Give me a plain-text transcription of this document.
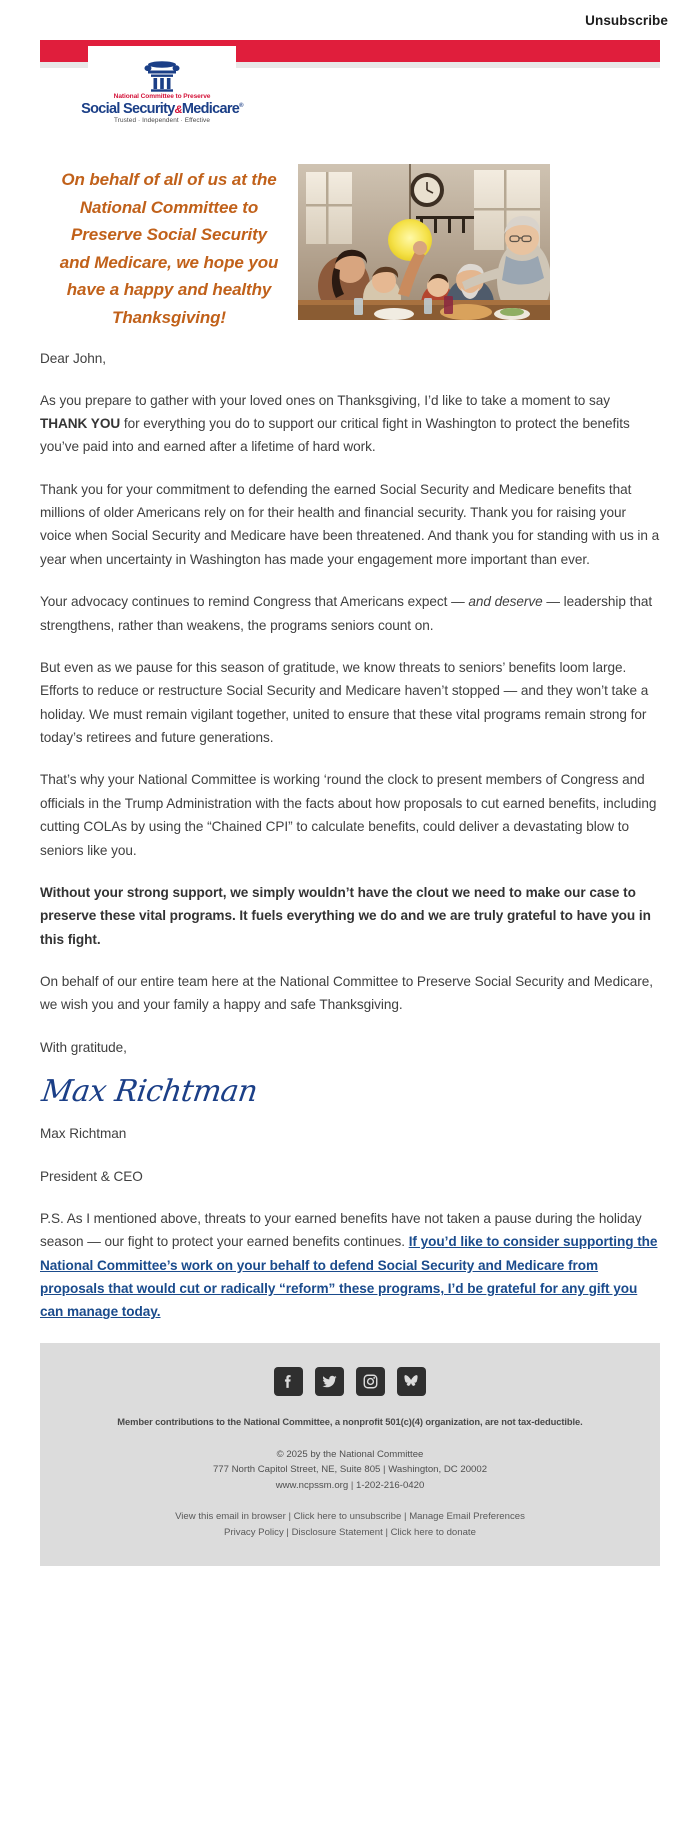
Unsubscribe
National Committee to Preserve
Social Security&Medicare®
Trusted · Independent · Effective
On behalf of all of us at the National Committee to Preserve Social Security and Medicare, we hope you have a happy and healthy Thanksgiving!

Dear John,

As you prepare to gather with your loved ones on Thanksgiving, I’d like to take a moment to say THANK YOU for everything you do to support our critical fight in Washington to protect the benefits you’ve paid into and earned after a lifetime of hard work.

Thank you for your commitment to defending the earned Social Security and Medicare benefits that millions of older Americans rely on for their health and financial security. Thank you for raising your voice when Social Security and Medicare have been threatened. And thank you for standing with us in a year when uncertainty in Washington has made your engagement more important than ever.

Your advocacy continues to remind Congress that Americans expect — and deserve — leadership that strengthens, rather than weakens, the programs seniors count on.

But even as we pause for this season of gratitude, we know threats to seniors’ benefits loom large. Efforts to reduce or restructure Social Security and Medicare haven’t stopped — and they won’t take a holiday. We must remain vigilant together, united to ensure that these vital programs remain strong for today’s retirees and future generations.

That’s why your National Committee is working ‘round the clock to present members of Congress and officials in the Trump Administration with the facts about how proposals to cut earned benefits, including cutting COLAs by using the “Chained CPI” to calculate benefits, could deliver a devastating blow to seniors like you.

Without your strong support, we simply wouldn’t have the clout we need to make our case to preserve these vital programs. It fuels everything we do and we are truly grateful to have you in this fight.

On behalf of our entire team here at the National Committee to Preserve Social Security and Medicare, we wish you and your family a happy and safe Thanksgiving.

With gratitude,

Max Richtman

Max Richtman

President & CEO

P.S. As I mentioned above, threats to your earned benefits have not taken a pause during the holiday season — our fight to protect your earned benefits continues. If you’d like to consider supporting the National Committee’s work on your behalf to defend Social Security and Medicare from proposals that would cut or radically “reform” these programs, I’d be grateful for any gift you can manage today.

Member contributions to the National Committee, a nonprofit 501(c)(4) organization, are not tax-deductible.

© 2025 by the National Committee
777 North Capitol Street, NE, Suite 805 | Washington, DC 20002
www.ncpssm.org | 1-202-216-0420
View this email in browser | Click here to unsubscribe | Manage Email Preferences
Privacy Policy | Disclosure Statement | Click here to donate
